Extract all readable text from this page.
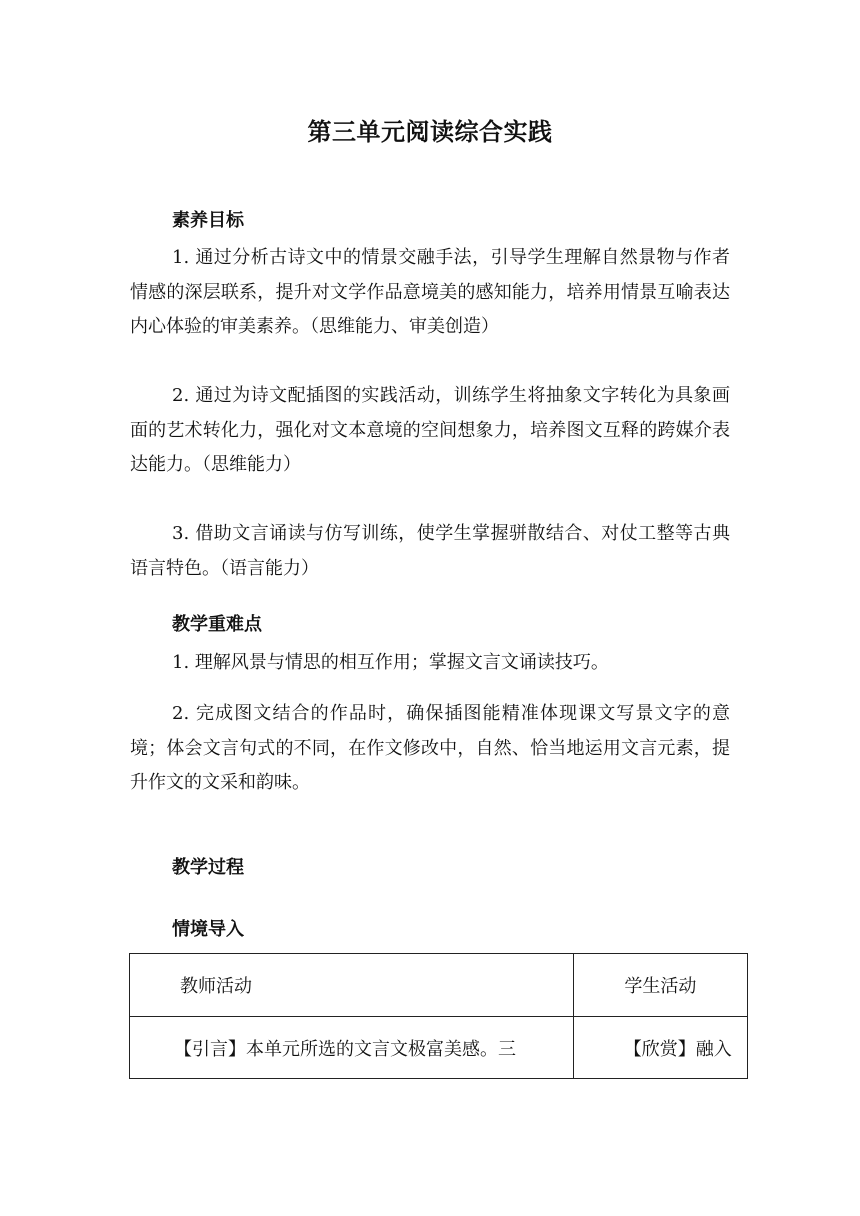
第三单元阅读综合实践
素养目标
1. 通过分析古诗文中的情景交融手法，引导学生理解自然景物与作者情感的深层联系，提升对文学作品意境美的感知能力，培养用情景互喻表达内心体验的审美素养。（思维能力、审美创造）
2. 通过为诗文配插图的实践活动，训练学生将抽象文字转化为具象画面的艺术转化力，强化对文本意境的空间想象力，培养图文互释的跨媒介表达能力。（思维能力）
3. 借助文言诵读与仿写训练，使学生掌握骈散结合、对仗工整等古典语言特色。（语言能力）
教学重难点
1. 理解风景与情思的相互作用；掌握文言文诵读技巧。
2. 完成图文结合的作品时，确保插图能精准体现课文写景文字的意境；体会文言句式的不同，在作文修改中，自然、恰当地运用文言元素，提升作文的文采和韵味。
教学过程
情境导入
教师活动	学生活动
【引言】本单元所选的文言文极富美感。三	【欣赏】融入
